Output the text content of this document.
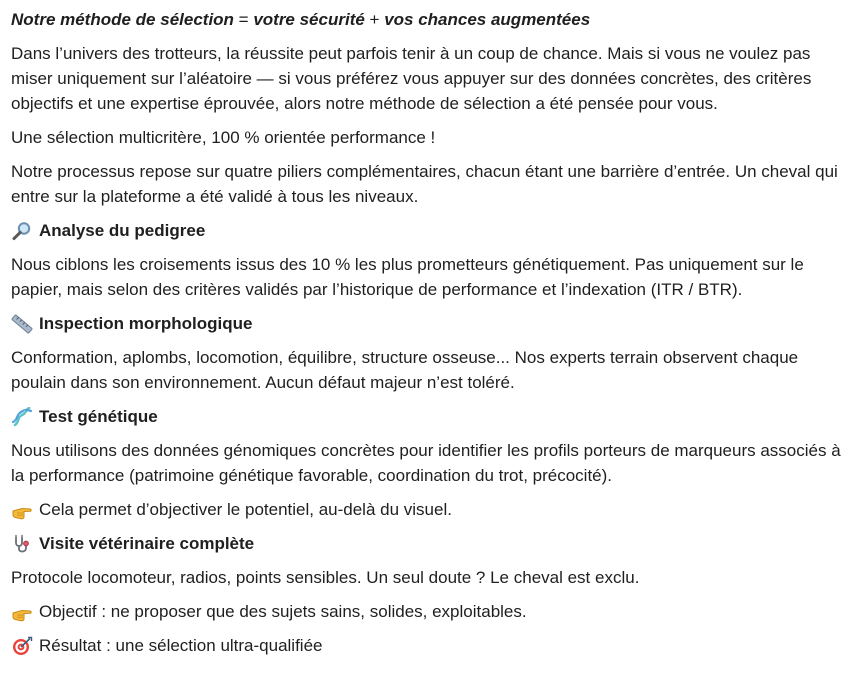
Notre méthode de sélection = votre sécurité + vos chances augmentées

Dans l’univers des trotteurs, la réussite peut parfois tenir à un coup de chance. Mais si vous ne voulez pas miser uniquement sur l’aléatoire — si vous préférez vous appuyer sur des données concrètes, des critères objectifs et une expertise éprouvée, alors notre méthode de sélection a été pensée pour vous.

Une sélection multicritère, 100 % orientée performance !

Notre processus repose sur quatre piliers complémentaires, chacun étant une barrière d’entrée. Un cheval qui entre sur la plateforme a été validé à tous les niveaux.

Analyse du pedigree

Nous ciblons les croisements issus des 10 % les plus prometteurs génétiquement. Pas uniquement sur le papier, mais selon des critères validés par l’historique de performance et l’indexation (ITR / BTR).

Inspection morphologique

Conformation, aplombs, locomotion, équilibre, structure osseuse... Nos experts terrain observent chaque poulain dans son environnement. Aucun défaut majeur n’est toléré.

Test génétique

Nous utilisons des données génomiques concrètes pour identifier les profils porteurs de marqueurs associés à la performance (patrimoine génétique favorable, coordination du trot, précocité).

Cela permet d’objectiver le potentiel, au-delà du visuel.
Visite vétérinaire complète

Protocole locomoteur, radios, points sensibles. Un seul doute ? Le cheval est exclu.

Objectif : ne proposer que des sujets sains, solides, exploitables.
Résultat : une sélection ultra-qualifiée
